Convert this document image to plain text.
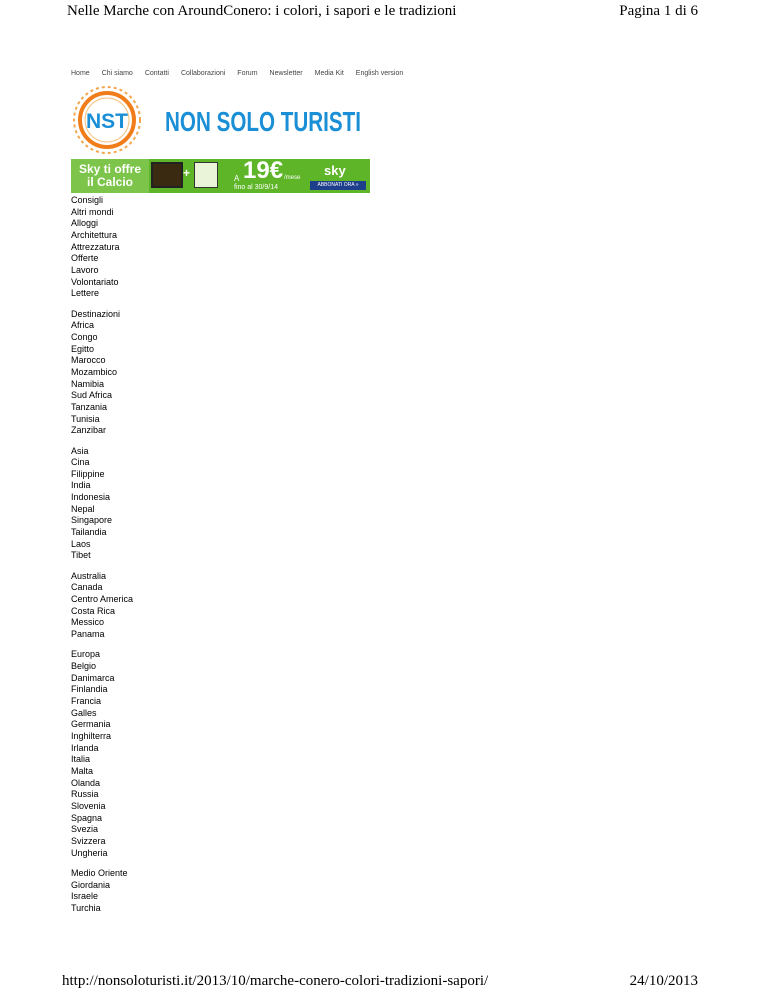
Nelle Marche con AroundConero: i colori, i sapori e le tradizioni	Pagina 1 di 6
Home Chi siamo Contatti Collaborazioni Forum Newsletter Media Kit English version
NST NON SOLO TURISTI
Sky ti offre
il Calcio
+	A 19€ /mese
fino al 30/9/14
sky
ABBONATI ORA »
Consigli
Altri mondi
Alloggi
Architettura
Attrezzatura
Offerte
Lavoro
Volontariato
Lettere
Destinazioni
Africa
Congo
Egitto
Marocco
Mozambico
Namibia
Sud Africa
Tanzania
Tunisia
Zanzibar
Asia
Cina
Filippine
India
Indonesia
Nepal
Singapore
Tailandia
Laos
Tibet
Australia
Canada
Centro America
Costa Rica
Messico
Panama
Europa
Belgio
Danimarca
Finlandia
Francia
Galles
Germania
Inghilterra
Irlanda
Italia
Malta
Olanda
Russia
Slovenia
Spagna
Svezia
Svizzera
Ungheria
Medio Oriente
Giordania
Israele
Turchia
http://nonsoloturisti.it/2013/10/marche-conero-colori-tradizioni-sapori/	24/10/2013
